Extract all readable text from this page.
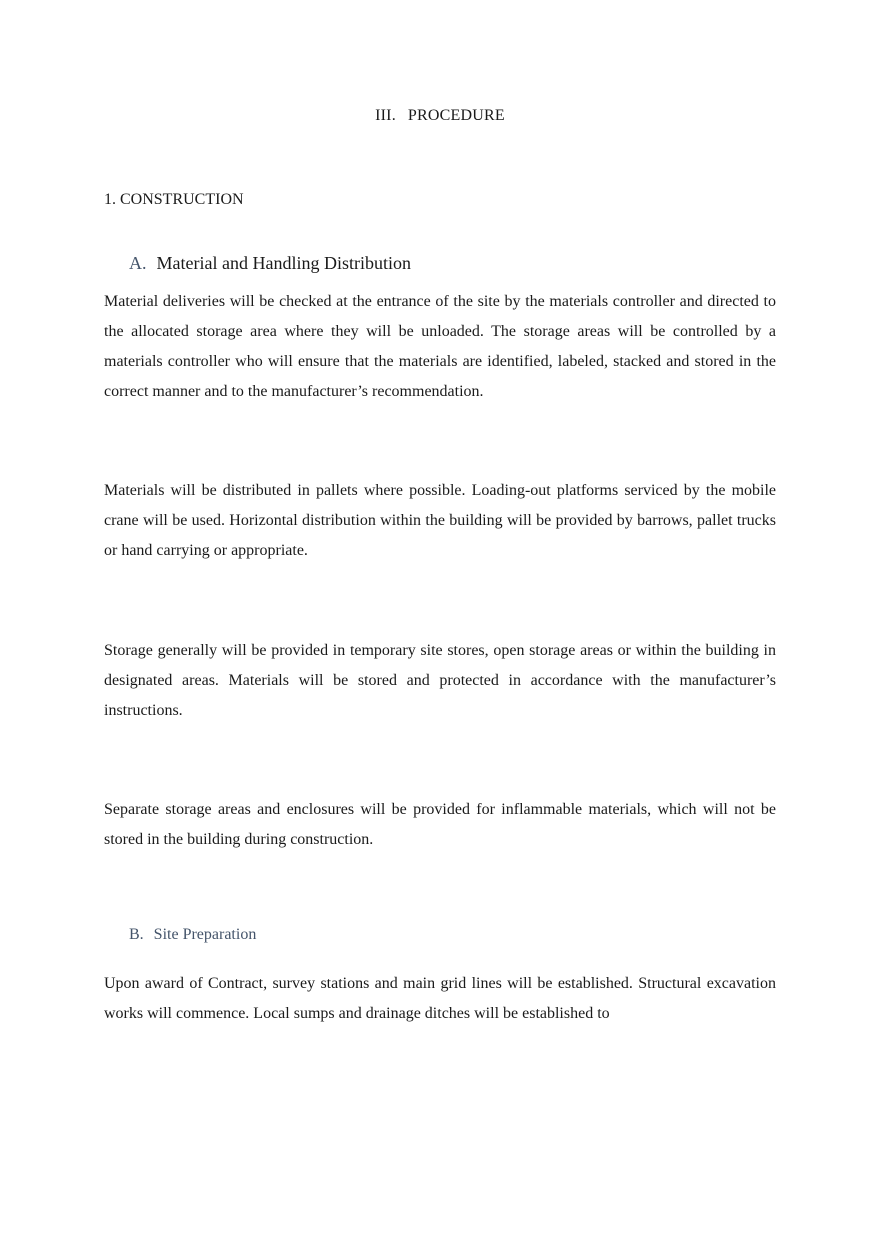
III. PROCEDURE
1. CONSTRUCTION
A. Material and Handling Distribution

Material deliveries will be checked at the entrance of the site by the materials controller and directed to the allocated storage area where they will be unloaded. The storage areas will be controlled by a materials controller who will ensure that the materials are identified, labeled, stacked and stored in the correct manner and to the manufacturer’s recommendation.

Materials will be distributed in pallets where possible. Loading-out platforms serviced by the mobile crane will be used. Horizontal distribution within the building will be provided by barrows, pallet trucks or hand carrying or appropriate.

Storage generally will be provided in temporary site stores, open storage areas or within the building in designated areas. Materials will be stored and protected in accordance with the manufacturer’s instructions.

Separate storage areas and enclosures will be provided for inflammable materials, which will not be stored in the building during construction.

B. Site Preparation

Upon award of Contract, survey stations and main grid lines will be established. Structural excavation works will commence. Local sumps and drainage ditches will be established to
